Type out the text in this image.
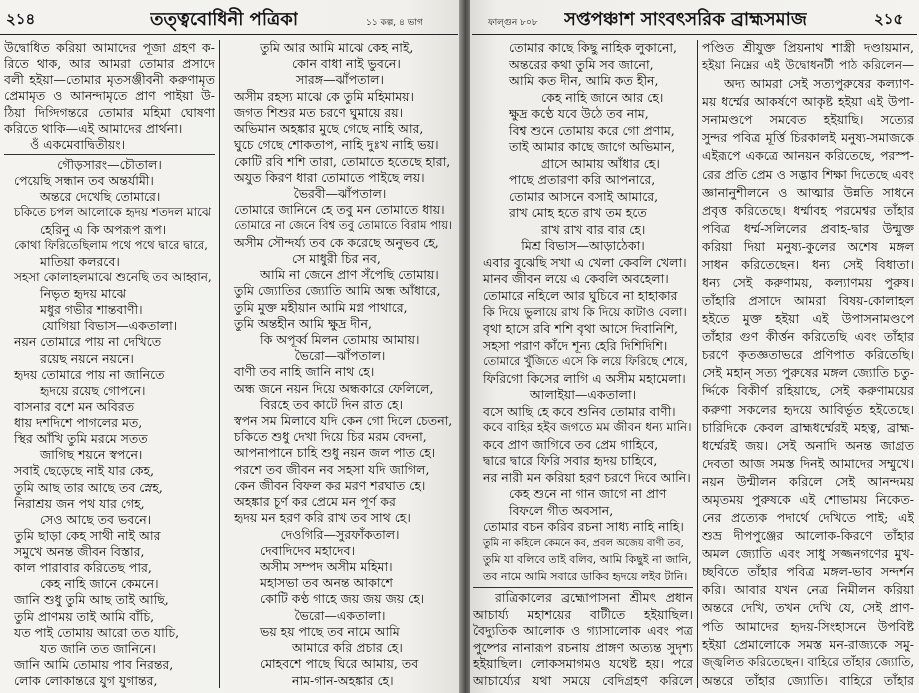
২১৪	তত্ত্ববোধিনী পত্রিকা	১১ কল্প, ৪ ভাগ
উদ্বোধিত করিয়া আমাদের পূজা গ্রহণ ক-
রিতে থাক, আর আমরা তোমার প্রসাদে
বলী হইয়া—তোমার মৃতসঞ্জীবনী করুণামৃত
প্রেমামৃত ও আনন্দামৃতে প্রাণ পাইয়া উ-
ঠিয়া দিগ্দিগন্তরে তোমার মহিমা ঘোষণা
করিতে থাকি—এই আমাদের প্রার্থনা।
ওঁ একমেবাদ্বিতীয়ং।
গৌড়সারং—চৌতাল।
পেয়েছি সন্ধান তব অন্তর্যামী।
অন্তরে দেখেছি তোমারে।
চকিতে চপল আলোকে হৃদয় শতদল মাঝে
হেরিনু এ কি অপরূপ রূপ।
কোথা ফিরিতেছিলাম পথে পথে দ্বারে দ্বারে,
মাতিয়া কলরবে।
সহসা কোলাহলমাঝে শুনেছি তব আহ্বান,
নিভৃত হৃদয় মাঝে
মধুর গভীর শান্তবাণী।
যোগিয়া বিভাস—একতালা।
নয়ন তোমারে পায় না দেখিতে
রয়েছ নয়নে নয়নে।
হৃদয় তোমারে পায় না জানিতে
হৃদয়ে রয়েছ গোপনে।
বাসনার বশে মন অবিরত
ধায় দশদিশে পাগলের মত,
স্থির আঁখি তুমি মরমে সতত
জাগিছ শয়নে স্বপনে।
সবাই ছেড়েছে নাই যার কেহ,
তুমি আছ তার আছে তব স্নেহ,
নিরাশ্রয় জন পথ যার গেহ,
সেও আছে তব ভবনে।
তুমি ছাড়া কেহ সাথী নাই আর
সমুখে অনন্ত জীবন বিস্তার,
কাল পারাবার করিতেছ পার,
কেহ নাহি জানে কেমনে।
জানি শুধু তুমি আছ তাই আছি,
তুমি প্রাণময় তাই আমি বাঁচি,
যত পাই তোমায় আরো তত যাচি,
যত জানি তত জানিনে।
জানি আমি তোমায় পাব নিরন্তর,
লোক লোকান্তরে যুগ যুগান্তর,
তুমি আর আমি মাঝে কেহ নাই,
কোন বাধা নাই ভুবনে।
সারঙ্গ—ঝাঁপতাল।
অসীম রহস্য মাঝে কে তুমি মহিমাময়।
জগত শিশুর মত চরণে ঘুমায়ে রয়।
অভিমান অহঙ্কার মুছে গেছে নাহি আর,
ঘুচে গেছে শোকতাপ, নাহি দুঃখ নাহি ভয়।
কোটি রবি শশি তারা, তোমাতে হতেছে হারা,
অযুত কিরণ ধারা তোমাতে পাইছে লয়।
ভৈরবী—ঝাঁপতাল।
তোমারে জানিনে হে তবু মন তোমাতে ধায়।
তোমারে না জেনে বিশ্ব তবু তোমাতে বিরাম পায়।
অসীম সৌন্দর্য্য তব কে করেছে অনুভব হে,
সে মাধুরী চির নব,
আমি না জেনে প্রাণ সঁপেছি তোমায়।
তুমি জ্যোতির জ্যোতি আমি অন্ধ আঁধারে,
তুমি মুক্ত মহীয়ান আমি মগ্ন পাথারে,
তুমি অন্তহীন আমি ক্ষুদ্র দীন,
কি অপূর্ব্ব মিলন তোমায় আমায়।
ভৈরো—ঝাঁপতাল।
বাণী তব নাহি জানি নাথ হে।
অন্ধ জনে নয়ন দিয়ে অন্ধকারে ফেলিলে,
বিরহে তব কাটে দিন রাত হে।
স্বপন সম মিলাবে যদি কেন গো দিলে চেতনা,
চকিতে শুধু দেখা দিয়ে চির মরম বেদনা,
আপনাপানে চাহি শুধু নয়ন জল পাত হে।
পরশে তব জীবন নব সহসা যদি জাগিল,
কেন জীবন বিফল কর মরণ শরঘাত হে।
অহঙ্কার চূর্ণ কর প্রেমে মন পূর্ণ কর
হৃদয় মন হরণ করি রাখ তব সাথ হে।
দেওগিরি—সুরফাঁকতাল।
দেবাদিদেব মহাদেব।
অসীম সম্পদ অসীম মহিমা।
মহাসভা তব অনন্ত আকাশে
কোটি কণ্ঠ গাহে জয় জয় জয় হে।
ভৈরো—একতালা।
ভয় হয় পাছে তব নামে আমি
আমারে করি প্রচার হে।
মোহবশে পাছে ঘিরে আমায়, তব
নাম-গান-অহঙ্কার হে।
ফাল্গুন ৮০৮ সপ্তপঞ্চাশ সাংবৎসরিক ব্রাহ্মসমাজ	২১৫
তোমার কাছে কিছু নাহিক লুকানো,
অন্তরের কথা তুমি সব জানো,
আমি কত দীন, আমি কত হীন,
কেহ নাহি জানে আর হে।
ক্ষুদ্র কণ্ঠে যবে উঠে তব নাম,
বিশ্ব শুনে তোমায় করে গো প্রণাম,
তাই আমার কাছে জাগে অভিমান,
গ্রাসে আমায় আঁধার হে।
পাছে প্রতারণা করি আপনারে,
তোমার আসনে বসাই আমারে,
রাখ মোহ হতে রাখ তম হতে
রাখ রাখ বার বার হে।
মিশ্র বিভাস—আড়াঠেকা।
এবার বুঝেছি সখা এ খেলা কেবলি খেলা।
মানব জীবন লয়ে এ কেবলি অবহেলা।
তোমারে নহিলে আর ঘুচিবে না হাহাকার
কি দিয়ে ভুলায়ে রাখ কি দিয়ে কাটাও বেলা।
বৃথা হাসে রবি শশি বৃথা আসে দিবানিশি,
সহসা পরাণ কাঁদে শূন্য হেরি দিশিদিশি।
তোমারে খুঁজিতে এসে কি লয়ে ফিরিছে শেষে,
ফিরিগো কিসের লাগি এ অসীম মহামেলা।
আলাইয়া—একতালা।
বসে আছি হে কবে শুনিব তোমার বাণী।
কবে বাহির হইব জগতে মম জীবন ধন্য মানি।
কবে প্রাণ জাগিবে তব প্রেম গাহিবে,
দ্বারে দ্বারে ফিরি সবার হৃদয় চাহিবে,
নর নারী মন করিয়া হরণ চরণে দিবে আনি।
কেহ শুনে না গান জাগে না প্রাণ
বিফলে গীত অবসান,
তোমার বচন করিব রচনা সাধ্য নাহি নাহি।
তুমি না কহিলে কেমনে কব, প্রবল অজেয় বাণী তব,
তুমি যা বলিবে তাই বলিব, আমি কিছুই না জানি,
তব নামে আমি সবারে ডাকিব হৃদয়ে লইব টানি।
রাত্রিকালের ব্রহ্মোপাসনা শ্রীমৎ প্রধান
আচার্য্য মহাশয়ের বাটীতে হইয়াছিল।
বৈদ্যুতিক আলোক ও গ্যাসালোক এবং পত্র
পুষ্পের নানারূপ রচনায় প্রাঙ্গণ অত্যন্ত সুদৃশ্য
হইয়াছিল। লোকসমাগমও যথেষ্ট হয়। পরে
আচার্য্যের যথা সময়ে বেদিগ্রহণ করিলে
পণ্ডিত শ্রীযুক্ত প্রিয়নাথ শাস্ত্রী দণ্ডায়মান,
হইয়া নিম্নের এই উদ্বোধনটী পাঠ করিলেন—
অদ্য আমরা সেই সত্যপুরুষের কল্যাণ-
ময় ধর্ম্মের আকর্ষণে আকৃষ্ট হইয়া এই উপা-
সনামণ্ডপে সমবেত হইয়াছি। সত্যের
সুন্দর পবিত্র মূর্ত্তি চিরকালই মনুষ্য-সমাজকে
এইরূপে একত্রে আনয়ন করিতেছে, পরস্প-
রের প্রতি প্রেম ও সদ্ভাব শিক্ষা দিতেছে এবং
জ্ঞানানুশীলনে ও আত্মার উন্নতি সাধনে
প্রবৃত্ত করিতেছে। ধর্ম্মাবহ পরমেশ্বর তাঁহার
পবিত্র ধর্ম্ম-সলিলের প্রবাহ-দ্বার উন্মুক্ত
করিয়া দিয়া মনুষ্য-কুলের অশেষ মঙ্গল
সাধন করিতেছেন। ধন্য সেই বিধাতা।
ধন্য সেই করুণাময়, কল্যাণময় পুরুষ।
তাঁহারি প্রসাদে আমরা বিষয়-কোলাহল
হইতে মুক্ত হইয়া এই উপাসনামণ্ডপে
তাঁহার গুণ কীর্ত্তন করিতেছি এবং তাঁহার
চরণে কৃতজ্ঞতাভরে প্রণিপাত করিতেছি।
সেই মহান্ সত্য পুরুষের মঙ্গল জ্যোতি চতু-
র্দ্দিকে বিকীর্ণ রহিয়াছে, সেই করুণাময়ের
করুণা সকলের হৃদয়ে আবির্ভূত হইতেছে।
চারিদিকে কেবল ব্রাহ্মধর্ম্মেরই মহত্ব, ব্রাহ্ম-
ধর্ম্মেরই জয়। সেই অনাদি অনন্ত জাগ্রত
দেবতা আজ সমস্ত দিনই আমাদের সম্মুখে।
নয়ন উন্মীলন করিলে সেই আনন্দময়
অমৃতময় পুরুষকে এই শোভাময় নিকেত-
নের প্রত্যেক পদার্থে দেখিতে পাই; এই
শুভ্র দীপপুঞ্জের আলোক-কিরণে তাঁহার
অমল জ্যোতি এবং সাধু সজ্জনগণের মুখ-
চ্ছবিতে তাঁহার পবিত্র মঙ্গল-ভাব সন্দর্শন
করি। আবার যখন নেত্র নিমীলন করিয়া
অন্তরে দেখি, তখন দেখি যে, সেই প্রাণ-
পতি আমাদের হৃদয়-সিংহাসনে উপবিষ্ট
হইয়া প্রেমালোকে সমস্ত মন-রাজ্যকে সমু-
জ্জ্বলিত করিতেছেন। বাহিরে তাঁহার জ্যোতি,
অন্তরে তাঁহার জ্যোতি। বাহিরে তাঁহার
